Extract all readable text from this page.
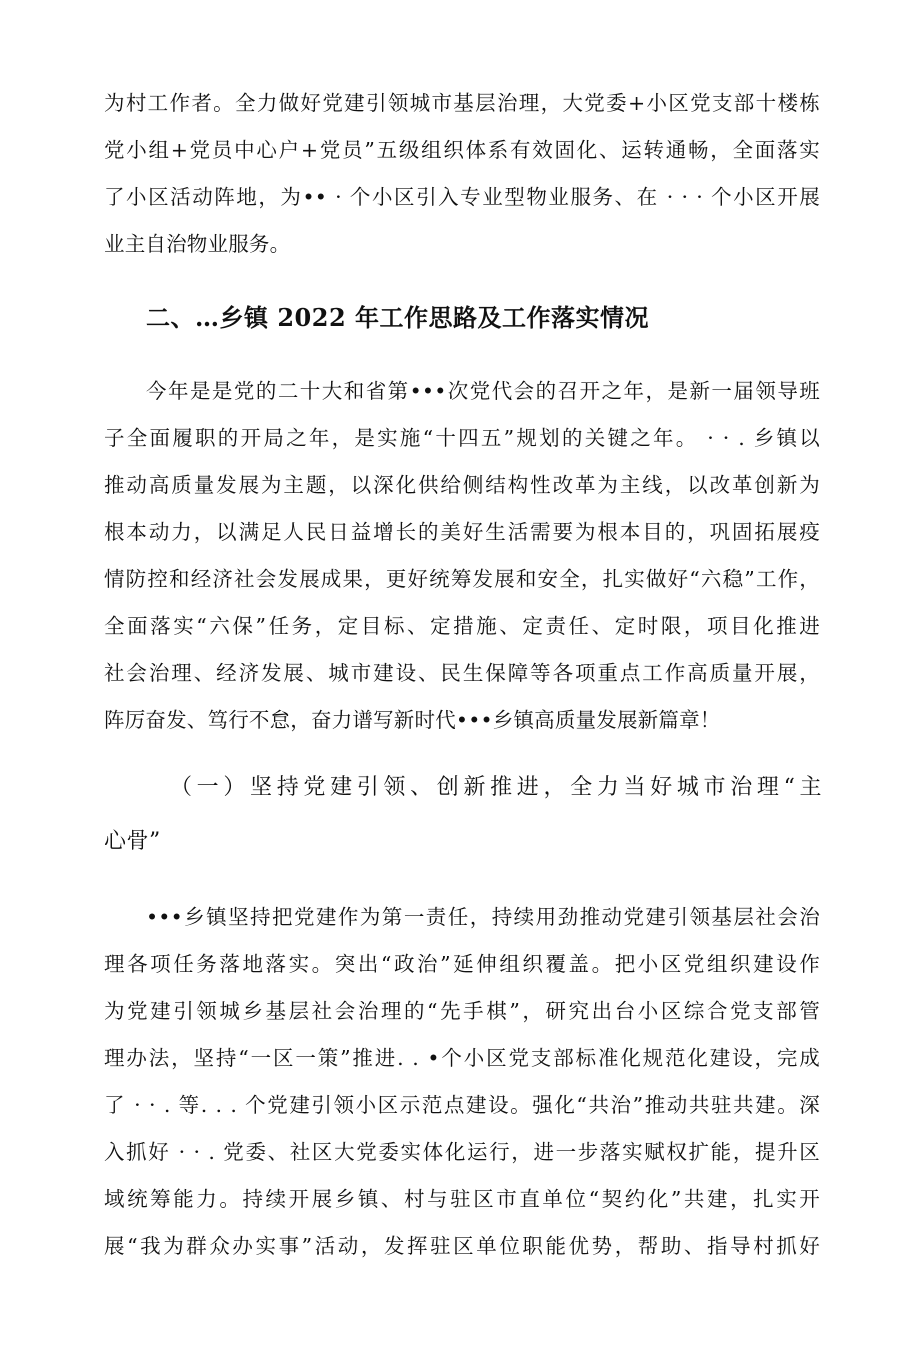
为村工作者。全力做好党建引领城市基层治理，大党委+小区党支部十楼栋
党小组+党员中心户+党员”五级组织体系有效固化、运转通畅，全面落实
了小区活动阵地，为•• · 个小区引入专业型物业服务、在 · · · 个小区开展
业主自治物业服务。
二、…乡镇 2022 年工作思路及工作落实情况
今年是是党的二十大和省第•••次党代会的召开之年，是新一届领导班
子全面履职的开局之年，是实施“十四五”规划的关键之年。 · · . 乡镇以
推动高质量发展为主题，以深化供给侧结构性改革为主线，以改革创新为
根本动力，以满足人民日益增长的美好生活需要为根本目的，巩固拓展疫
情防控和经济社会发展成果，更好统筹发展和安全，扎实做好“六稳”工作，
全面落实“六保”任务，定目标、定措施、定责任、定时限，项目化推进
社会治理、经济发展、城市建设、民生保障等各项重点工作高质量开展，
阵厉奋发、笃行不怠，奋力谱写新时代•••乡镇高质量发展新篇章！
（一）坚持党建引领、创新推进，全力当好城市治理“主
心骨”
•••乡镇坚持把党建作为第一责任，持续用劲推动党建引领基层社会治
理各项任务落地落实。突出“政治”延伸组织覆盖。把小区党组织建设作
为党建引领城乡基层社会治理的“先手棋”，研究出台小区综合党支部管
理办法，坚持“一区一策”推进. . •个小区党支部标准化规范化建设，完成
了 · · . 等. . . 个党建引领小区示范点建设。强化“共治”推动共驻共建。深
入抓好 · · . 党委、社区大党委实体化运行，进一步落实赋权扩能，提升区
域统筹能力。持续开展乡镇、村与驻区市直单位“契约化”共建，扎实开
展“我为群众办实事”活动，发挥驻区单位职能优势，帮助、指导村抓好
